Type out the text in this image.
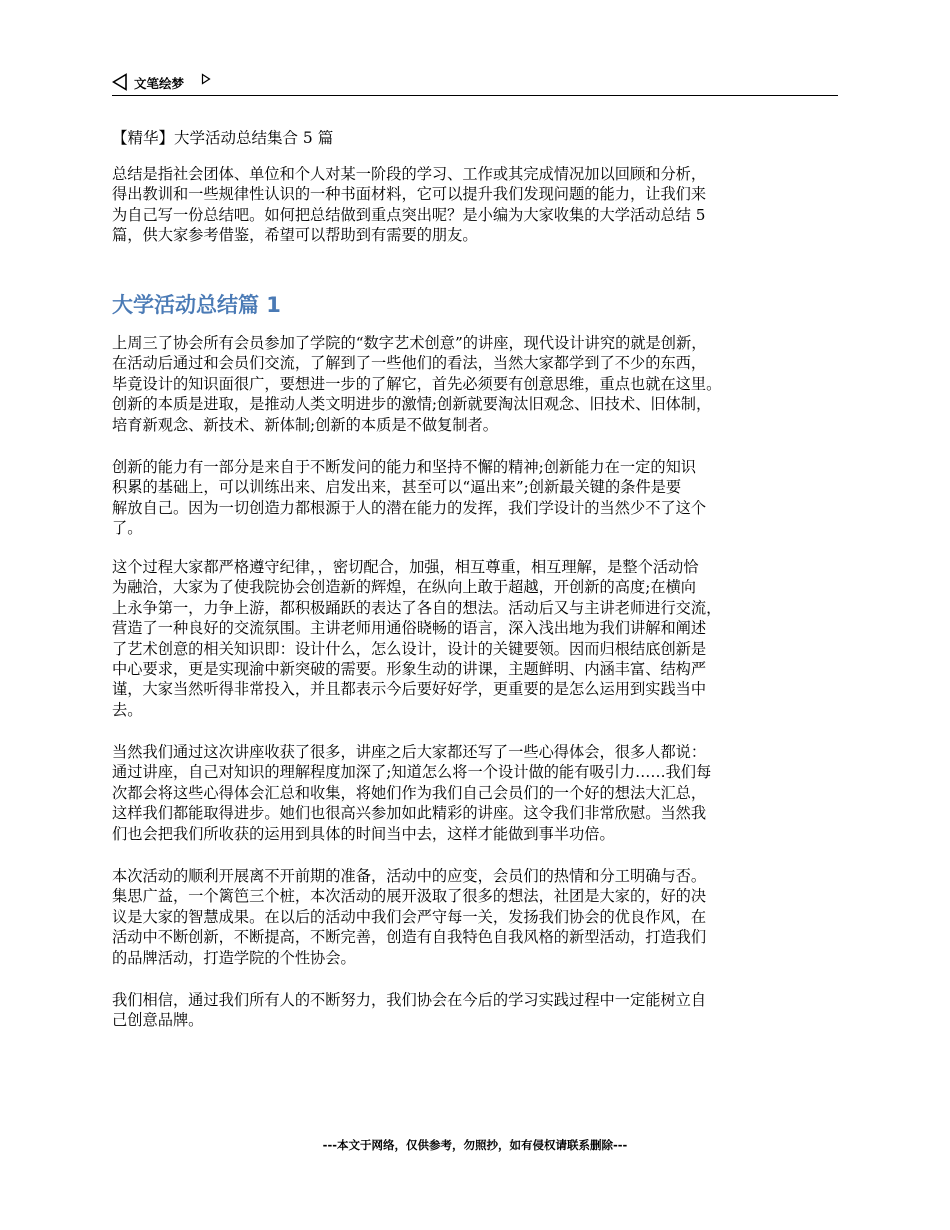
文笔绘梦
【精华】大学活动总结集合 5 篇
总结是指社会团体、单位和个人对某一阶段的学习、工作或其完成情况加以回顾和分析，
得出教训和一些规律性认识的一种书面材料，它可以提升我们发现问题的能力，让我们来
为自己写一份总结吧。如何把总结做到重点突出呢？是小编为大家收集的大学活动总结 5
篇，供大家参考借鉴，希望可以帮助到有需要的朋友。
大学活动总结篇 1
上周三了协会所有会员参加了学院的“数字艺术创意”的讲座，现代设计讲究的就是创新，
在活动后通过和会员们交流，了解到了一些他们的看法，当然大家都学到了不少的东西，
毕竟设计的知识面很广，要想进一步的了解它，首先必须要有创意思维，重点也就在这里。
创新的本质是进取，是推动人类文明进步的激情;创新就要淘汰旧观念、旧技术、旧体制，
培育新观念、新技术、新体制;创新的本质是不做复制者。
创新的能力有一部分是来自于不断发问的能力和坚持不懈的精神;创新能力在一定的知识
积累的基础上，可以训练出来、启发出来，甚至可以“逼出来”;创新最关键的条件是要
解放自己。因为一切创造力都根源于人的潜在能力的发挥，我们学设计的当然少不了这个
了。
这个过程大家都严格遵守纪律，，密切配合，加强，相互尊重，相互理解，是整个活动恰
为融洽，大家为了使我院协会创造新的辉煌，在纵向上敢于超越，开创新的高度;在横向
上永争第一，力争上游，都积极踊跃的表达了各自的想法。活动后又与主讲老师进行交流，
营造了一种良好的交流氛围。主讲老师用通俗晓畅的语言，深入浅出地为我们讲解和阐述
了艺术创意的相关知识即：设计什么，怎么设计，设计的关键要领。因而归根结底创新是
中心要求，更是实现渝中新突破的需要。形象生动的讲课，主题鲜明、内涵丰富、结构严
谨，大家当然听得非常投入，并且都表示今后要好好学，更重要的是怎么运用到实践当中
去。
当然我们通过这次讲座收获了很多，讲座之后大家都还写了一些心得体会，很多人都说：
通过讲座，自己对知识的理解程度加深了;知道怎么将一个设计做的能有吸引力……我们每
次都会将这些心得体会汇总和收集，将她们作为我们自己会员们的一个好的想法大汇总，
这样我们都能取得进步。她们也很高兴参加如此精彩的讲座。这令我们非常欣慰。当然我
们也会把我们所收获的运用到具体的时间当中去，这样才能做到事半功倍。
本次活动的顺利开展离不开前期的准备，活动中的应变，会员们的热情和分工明确与否。
集思广益，一个篱笆三个桩，本次活动的展开汲取了很多的想法，社团是大家的，好的决
议是大家的智慧成果。在以后的活动中我们会严守每一关，发扬我们协会的优良作风，在
活动中不断创新，不断提高，不断完善，创造有自我特色自我风格的新型活动，打造我们
的品牌活动，打造学院的个性协会。
我们相信，通过我们所有人的不断努力，我们协会在今后的学习实践过程中一定能树立自
己创意品牌。
---本文于网络，仅供参考，勿照抄，如有侵权请联系删除---
